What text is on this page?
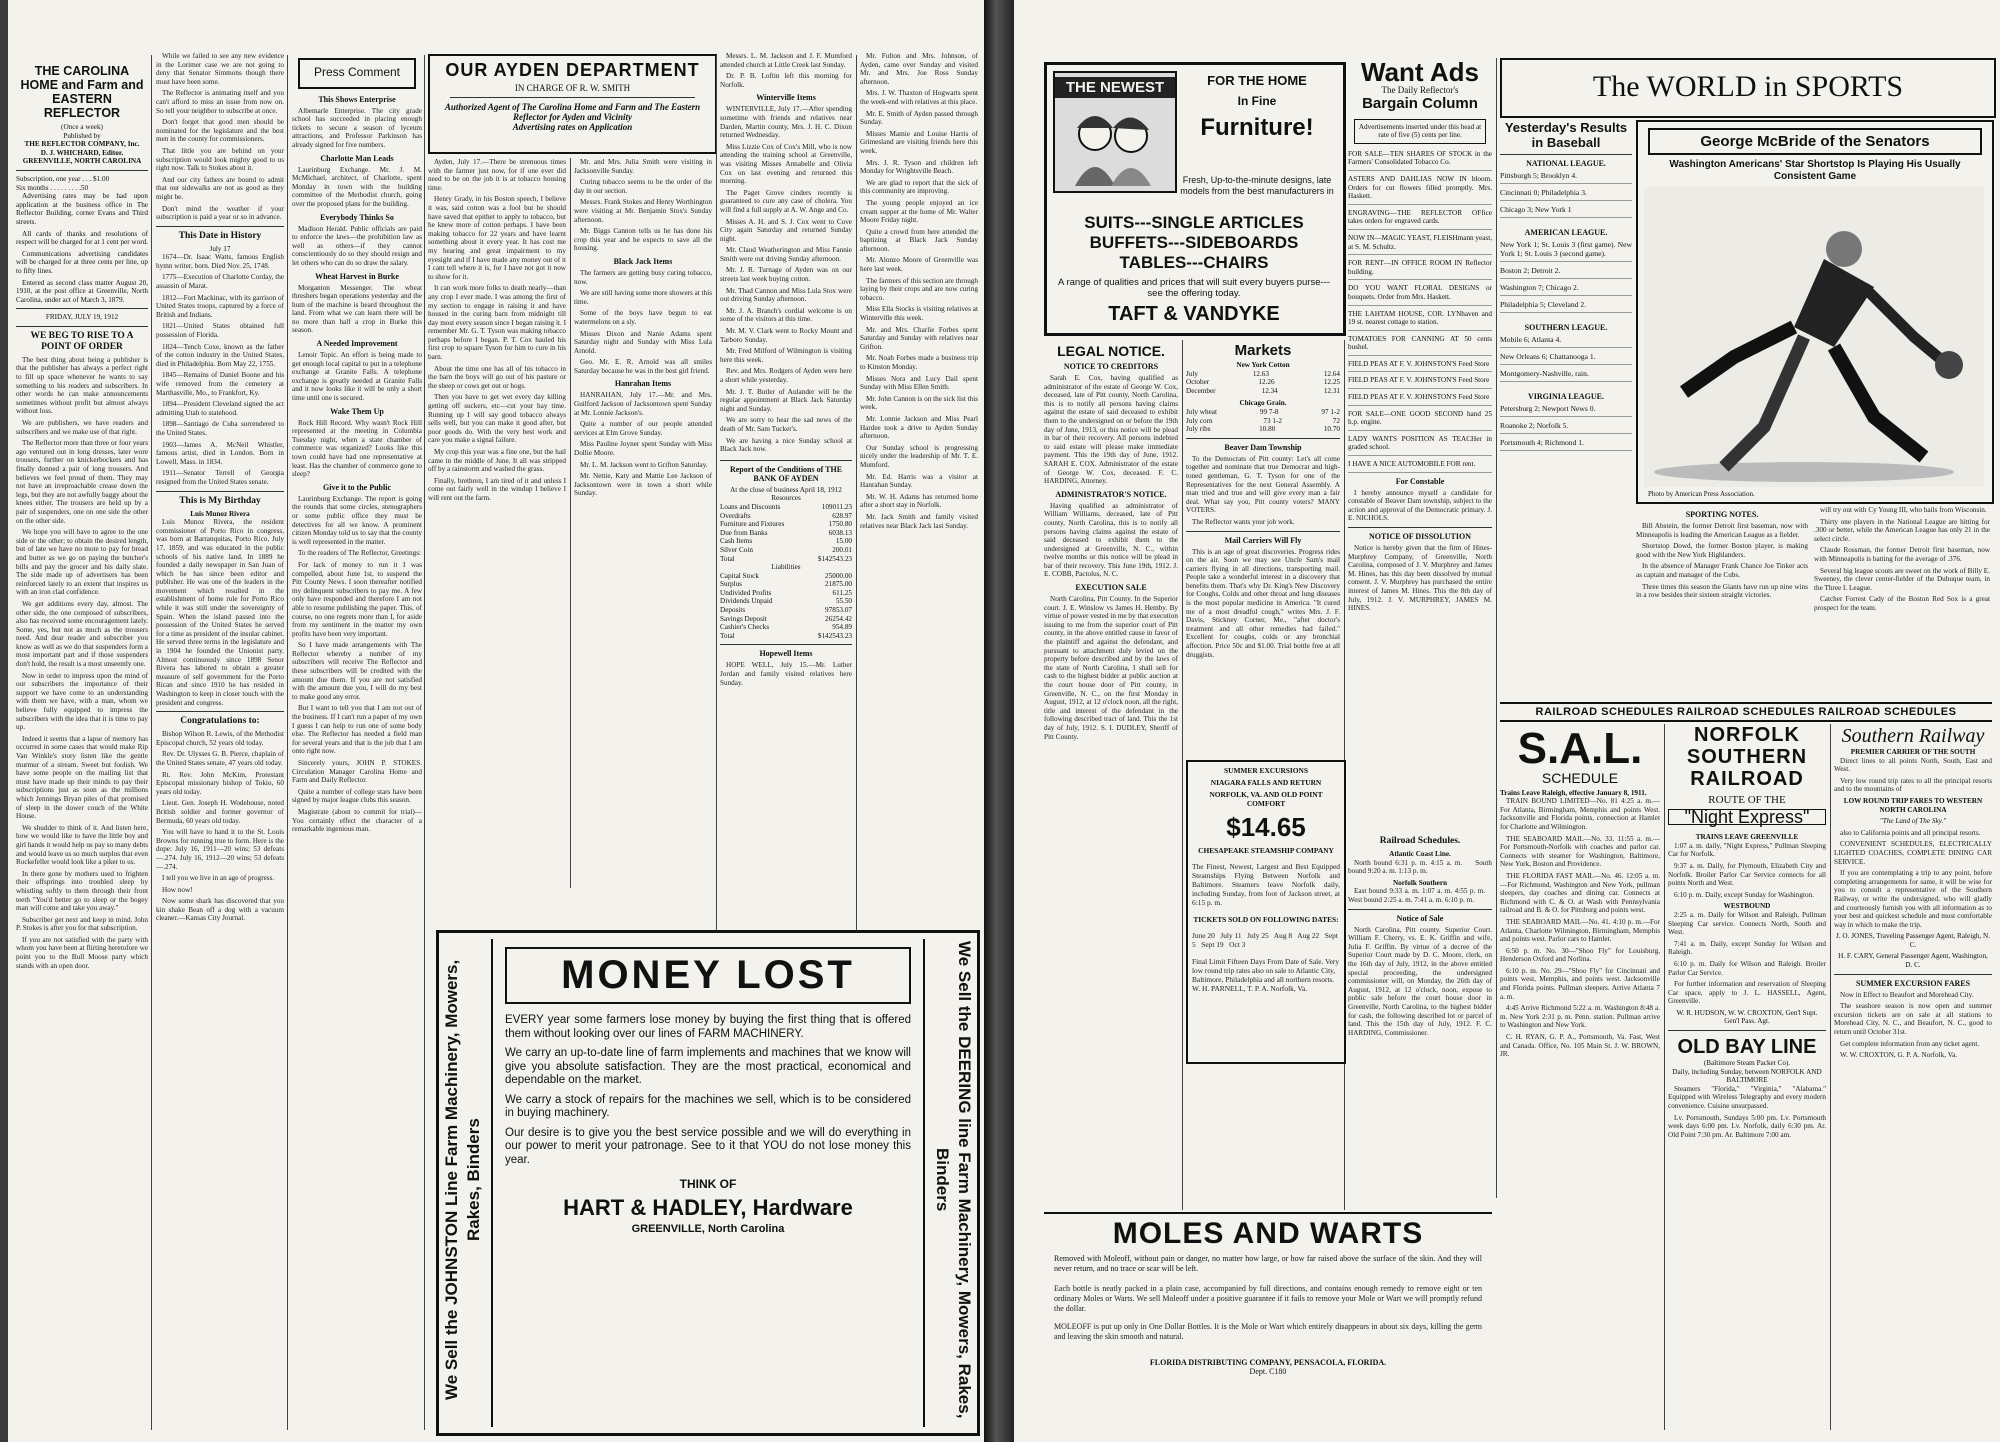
THE CAROLINA HOME and Farm and EASTERN REFLECTOR
(Once a week)
Published by
THE REFLECTOR COMPANY, Inc.
D. J. WHICHARD, Editor.
GREENVILLE, NORTH CAROLINA
Subscription, one year . . . $1.00
Six months . . . . . . . . .50

Advertising rates may be had upon application at the business office in The Reflector Building, corner Evans and Third streets.

All cards of thanks and resolutions of respect will be charged for at 1 cent per word.

Communications advertising candidates will be charged for at three cents per line, up to fifty lines.

Entered as second class matter August 20, 1910, at the post office at Greenville, North Carolina, under act of March 3, 1879.

FRIDAY, JULY 19, 1912
WE BEG TO RISE TO A POINT OF ORDER

The best thing about being a publisher is that the publisher has always a perfect right to fill up space whenever he wants to say something to his readers and subscribers. In other words he can make announcements sometimes without profit but almost always without loss.

We are publishers, we have readers and subscribers and we make use of that right.

The Reflector more than three or four years ago ventured out in long dresses, later wore trousers, further on knickerbockers and has finally donned a pair of long trousers. And believes we feel proud of them. They may not have an irreproachable crease down the legs, but they are not awfully baggy about the knees either. The trousers are held up by a pair of suspenders, one on one side the other on the other side.

We hope you will have to agree to the one side or the other; to obtain the desired length, but of late we have no mote to pay for bread and butter as we go on paying the butcher's bills and pay the grocer and his daily slate. The side made up of advertisers has been reinforced lately to an extent that inspires us with an iron clad confidence.

We get additions every day, almost. The other side, the one composed of subscribers, also has received some encouragement lately. Some, yes, but not as much as the trousers need. And dear reader and subscriber you know as well as we do that suspenders form a most important part and if those suspenders don't hold, the result is a most unseemly one.

Now in order to impress upon the mind of our subscribers the importance of their support we have come to an understanding with them we have, with a man, whom we believe fully equipped to impress the subscribers with the idea that it is time to pay up.

Indeed it seems that a lapse of memory has occurred in some cases that would make Rip Van Winkle's story listen like the gentle murmur of a stream. Sweet but foolish. We have some people on the mailing list that must have made up their minds to pay their subscriptions just as soon as the millions which Jennings Bryan piles of that promised of sleep in the dower couch of the White House.

We shudder to think of it. And listen here, how we would like to have the little boy and girl hands it would help us pay so many debts and would leave us so much surplus that even Rockefeller would look like a piker to us.

In there gone by mothers used to frighten their offsprings into troubled sleep by whistling softly to them through their front teeth "You'd better go to sleep or the bogey man will come and take you away."

Subscriber get next and keep in mind. John P. Stokes is after you for that subscription.

If you are not satisfied with the party with whom you have been at flirting heretofore we point you to the Bull Moose party which stands with an open door.

While we failed to see any new evidence in the Lorimer case we are not going to deny that Senator Simmons though there must have been some.

The Reflector is animating itself and you can't afford to miss an issue from now on. So tell your neighbor to subscribe at once.

Don't forget that good men should be nominated for the legislature and the best men in the county for commissioners.

That little you are behind on your subscription would look mighty good to us right now. Talk to Stokes about it.

And our city fathers are bound to admit that our sidewalks are not as good as they might be.

Don't mind the weather if your subscription is paid a year or so in advance.

This Date in History
July 17

1674—Dr. Isaac Watts, famous English hymn writer, born. Died Nov. 25, 1748.

1775—Execution of Charlotte Corday, the assassin of Marat.

1812—Fort Mackinac, with its garrison of United States troops, captured by a force of British and Indians.

1821—United States obtained full possession of Florida.

1824—Tench Coxe, known as the father of the cotton industry in the United States, died in Philadelphia. Born May 22, 1755.

1845—Remains of Daniel Boone and his wife removed from the cemetery at Marthasville, Mo., to Frankfort, Ky.

1894—President Cleveland signed the act admitting Utah to statehood.

1898—Santiago de Cuba surrendered to the United States.

1903—James A. McNeil Whistler, famous artist, died in London. Born in Lowell, Mass. in 1834.

1911—Senator Terrell of Georgia resigned from the United States senate.

This is My Birthday
Luis Munoz Rivera

Luis Munoz Rivera, the resident commissioner of Porto Rico in congress, was born at Barranquitas, Porto Rico, July 17, 1859, and was educated in the public schools of his native land. In 1889 he founded a daily newspaper in San Juan of which he has since been editor and publisher. He was one of the leaders in the movement which resulted in the establishment of home rule for Porto Rico while it was still under the sovereignty of Spain. When the island passed into the possession of the United States he served for a time as president of the insular cabinet. He served three terms in the legislature and in 1904 he founded the Unionist party. Almost continuously since 1898 Senor Rivera has labored to obtain a greater measure of self government for the Porto Rican and since 1910 he has resided in Washington to keep in closer touch with the president and congress.

Congratulations to:

Bishop Wilson R. Lewis, of the Methodist Episcopal church, 52 years old today.

Rev. Dr. Ulysses G. B. Pierce, chaplain of the United States senate, 47 years old today.

Rt. Rev. John McKim, Protestant Episcopal missionary bishop of Tokio, 60 years old today.

Lieut. Gen. Joseph H. Wodehouse, noted British soldier and former governor of Bermuda, 60 years old today.

You will have to hand it to the St. Louis Browns for running true to form. Here is the dope: July 16, 1911—20 wins; 53 defeats—.274. July 16, 1912—20 wins; 53 defeats—.274.

I tell you we live in an age of progress.

How now!

Now some shark has discovered that you kin shake Bean off a dog with a vacuum cleaner.—Kansas City Journal.

Press Comment
This Shows Enterprise

Albemarle Enterprise. The city grade school has succeeded in placing enough tickets to secure a season of lyceum attractions, and Professor Parkinson has already signed for five numbers.

Charlotte Man Leads

Laurinburg Exchange. Mr. J. M. McMichael, architect, of Charlotte, spent Monday in town with the building committee of the Methodist church, going over the proposed plans for the building.

Everybody Thinks So

Madison Herald. Public officials are paid to enforce the laws—the prohibition law as well as others—if they cannot conscientiously do so they should resign and let others who can do so draw the salary.

Wheat Harvest in Burke

Morganton Messenger. The wheat threshers began operations yesterday and the hum of the machine is heard throughout the land. From what we can learn there will be no more than half a crop in Burke this season.

A Needed Improvement

Lenoir Topic. An effort is being made to get enough local capital to put in a telephone exchange at Granite Falls. A telephone exchange is greatly needed at Granite Falls and it now looks like it will be only a short time until one is secured.

Wake Them Up

Rock Hill Record. Why wasn't Rock Hill represented at the meeting in Columbia Tuesday night, when a state chamber of commerce was organized? Looks like this town could have had one representative at least. Has the chamber of commerce gone to sleep?

Give it to the Public

Laurinburg Exchange. The report is going the rounds that some circles, stenographers or some public office they must be detectives for all we know. A prominent citizen Monday told us to say that the county is well represented in the matter.

To the readers of The Reflector, Greetings:

For lack of money to run it I was compelled, about June 1st, to suspend the Pitt County News. I soon thereafter notified my delinquent subscribers to pay me. A few only have responded and therefore I am not able to resume publishing the paper. This, of course, no one regrets more than I, for aside from my sentiment in the matter my own profits have been very important.

So I have made arrangements with The Reflector whereby a number of my subscribers will receive The Reflector and these subscribers will be credited with the amount due them. If you are not satisfied with the amount due you, I will do my best to make good any error.

But I want to tell you that I am not out of the business. If I can't run a paper of my own I guess I can help to run one of some body else. The Reflector has needed a field man for several years and that is the job that I am onto right now.

Sincerely yours, JOHN P. STOKES. Circulation Manager Carolina Home and Farm and Daily Reflector.

Quite a number of college stars have been signed by major league clubs this season.

Magistrate (about to commit for trial)—You certainly effect the character of a remarkable ingenious man.

OUR AYDEN DEPARTMENT
IN CHARGE OF R. W. SMITH
Authorized Agent of The Carolina Home and Farm and The Eastern Reflector for Ayden and Vicinity
Advertising rates on Application

Ayden, July 17.—There be strenuous times with the farmer just now, for if one ever did need to be on the job it is at tobacco housing time.

Henry Grady, in his Boston speech, I believe it was, said cotton was a fool but he should have saved that epithet to apply to tobacco, but he knew more of cotton perhaps. I have been making tobacco for 22 years and have learnt something about it every year. It has cost me my hearing and great impairment to my eyesight and if I have made any money out of it I cant tell where it is, for I have not got it now to show for it.

It can work more folks to death nearly—than any crop I ever made. I was among the first of my section to engage in raising it and have housed in the curing barn from midnight till day most every season since I began raising it. I remember Mr. G. T. Tyson was making tobacco perhaps before I began. P. T. Cox hauled his first crop to square Tyson for him to cure in his barn.

About the time one has all of his tobacco in the barn the boys will go out of his pasture or the sheep or cows get out or hogs.

Then you have to get wet every day killing getting off suckers, etc—cut your hay time. Running up I will say good tobacco always sells well, but you can make it good after, but poor goods do. With the very best work and care you make a signal failure.

My crop this year was a fine one, but the hail came in the middle of June. It all was stripped off by a rainstorm and washed the grass.

Finally, brethren, I am tired of it and unless I come out fairly well in the windup I believe I will rent out the farm.

Mr. and Mrs. Julia Smith were visiting in Jacksonville Sunday.

Curing tobacco seems to be the order of the day in our section.

Messrs. Frank Stokes and Henry Worthington were visiting at Mr. Benjamin Stox's Sunday afternoon.

Mr. Biggs Cannon tells us he has done his crop this year and he expects to save all the housing.

Black Jack Items

The farmers are getting busy curing tobacco, now.

We are still having some more showers at this time.

Some of the boys have begun to eat watermelons on a sly.

Misses Dixon and Nanie Adams spent Saturday night and Sunday with Miss Lula Arnold.

Geo. Mr. E. R. Arnold was all smiles Saturday because he was in the best girl friend.

Hanrahan Items

HANRAHAN, July 17.—Mr. and Mrs. Guilford Jackson of Jacksontown spent Sunday at Mr. Lonnie Jackson's.

Quite a number of our people attended services at Elm Grove Sunday.

Miss Pauline Joyner spent Sunday with Miss Dollie Moore.

Mr. L. M. Jackson went to Grifton Saturday.

Mr. Nettie, Katy and Mattie Lee Jackson of Jacksontown were in town a short while Sunday.

Messrs. L. M. Jackson and J. F. Mumford attended church at Little Creek last Sunday.

Dr. P. B. Loftin left this morning for Norfolk.

Winterville Items

WINTERVILLE, July 17.—After spending sometime with friends and relatives near Darden, Martin county, Mrs. J. H. C. Dixon returned Wednesday.

Miss Lizzie Cox of Cox's Mill, who is now attending the training school at Greenville, was visiting Misses Annabelle and Olivia Cox on last evening and returned this morning.

The Paget Grove cinders recently is guaranteed to cure any case of cholera. You will find a full supply at A. W. Ange and Co.

Misses A. H. and S. J. Cox went to Cove City again Saturday and returned Sunday night.

Mr. Claud Weatherington and Miss Fannie Smith were out driving Sunday afternoon.

Mr. J. R. Turnage of Ayden was on our streets last week buying cotton.

Mr. Thad Cannon and Miss Lula Stox were out driving Sunday afternoon.

Mr. J. A. Branch's cordial welcome is on some of the visitors at this time.

Mr. M. V. Clark went to Rocky Mount and Tarboro Sunday.

Mr. Fred Milford of Wilmington is visiting here this week.

Rev. and Mrs. Rodgers of Ayden were here a short while yesterday.

Mr. J. T. Butler of Aulander will be the regular appointment at Black Jack Saturday night and Sunday.

We are sorry to hear the sad news of the death of Mr. Sam Tucker's.

We are having a nice Sunday school at Black Jack now.

Report of the Conditions of THE BANK OF AYDEN
At the close of business April 18, 1912
Resources
Loans and Discounts	109011.23
Overdrafts	628.97
Furniture and Fixtures	1750.80
Due from Banks	6038.13
Cash Items	15.00
Silver Coin	200.01
Total	$142543.23
Liabilities
Capital Stock	25000.00
Surplus	21875.00
Undivided Profits	611.25
Dividends Unpaid	55.50
Deposits	97853.07
Savings Deposit	26254.42
Cashier's Checks	954.89
Total	$142543.23
Hopewell Items

HOPE WELL, July 15.—Mr. Luther Jordan and family visited relatives here Sunday.

Mr. Fulton and Mrs. Johnson, of Ayden, came over Sunday and visited Mr. and Mrs. Joe Ross Sunday afternoon.

Mrs. J. W. Thaxton of Hogwarts spent the week-end with relatives at this place.

Mr. E. Smith of Ayden passed through Sunday.

Misses Mamie and Louise Harris of Grimesland are visiting friends here this week.

Mrs. J. R. Tyson and children left Monday for Wrightsville Beach.

We are glad to report that the sick of this community are improving.

The young people enjoyed an ice cream supper at the home of Mr. Walter Moore Friday night.

Quite a crowd from here attended the baptizing at Black Jack Sunday afternoon.

Mr. Alonzo Moore of Greenville was here last week.

The farmers of this section are through laying by their crops and are now curing tobacco.

Miss Ella Stocks is visiting relatives at Winterville this week.

Mr. and Mrs. Charlie Forbes spent Saturday and Sunday with relatives near Grifton.

Mr. Noah Forbes made a business trip to Kinston Monday.

Misses Nora and Lucy Dail spent Sunday with Miss Ellen Smith.

Mr. John Cannon is on the sick list this week.

Mr. Lonnie Jackson and Miss Pearl Hardee took a drive to Ayden Sunday afternoon.

Our Sunday school is progressing nicely under the leadership of Mr. T. E. Mumford.

Mr. Ed. Harris was a visitor at Hanrahan Sunday.

Mr. W. H. Adams has returned home after a short stay in Norfolk.

Mr. Jack Smith and family visited relatives near Black Jack last Sunday.

We Sell the JOHNSTON Line Farm Machinery, Mowers, Rakes, Binders	We Sell the DEERING line Farm Machinery, Mowers, Rakes, Binders
MONEY LOST
EVERY year some farmers lose money by buying the first thing that is offered them without looking over our lines of FARM MACHINERY.
We carry an up-to-date line of farm implements and machines that we know will give you absolute satisfaction. They are the most practical, economical and dependable on the market.
We carry a stock of repairs for the machines we sell, which is to be considered in buying machinery.
Our desire is to give you the best service possible and we will do everything in our power to merit your patronage. See to it that YOU do not lose money this year.
THINK OF
HART & HADLEY, Hardware
GREENVILLE, North Carolina
THE NEWEST	FOR THE HOME
In Fine
Furniture!
Fresh, Up-to-the-minute designs, late models from the best manufacturers in
SUITS---SINGLE ARTICLES
BUFFETS---SIDEBOARDS
TABLES---CHAIRS
A range of qualities and prices that will suit every buyers purse---see the offering today.
TAFT & VANDYKE
Want Ads
The Daily Reflector's
Bargain Column
Advertisements inserted under this head at rate of five (5) cents per line.
FOR SALE—TEN SHARES OF STOCK in the Farmers' Consolidated Tobacco Co.
ASTERS AND DAHLIAS NOW IN bloom. Orders for cut flowers filled promptly. Mrs. Haskett.
ENGRAVING—THE REFLECTOR OFfice takes orders for engraved cards.
NOW IN—MAGIC YEAST, FLEISHmann yeast, at S. M. Schultz.
FOR RENT—IN OFFICE ROOM IN Reflector building.
DO YOU WANT FLORAL DESIGNS or bouquets. Order from Mrs. Haskett.
THE LAHTAM HOUSE, COR. LYNhaven and 19 st. nearest cottage to station.
TOMATOES FOR CANNING AT 50 cents bushel.
FIELD PEAS AT F. V. JOHNSTON'S Feed Store
FIELD PEAS AT F. V. JOHNSTON'S Feed Store
FIELD PEAS AT F. V. JOHNSTON'S Feed Store
FOR SALE—ONE GOOD SECOND hand 25 h.p. engine.
LADY WANTS POSITION AS TEACHer in graded school.
I HAVE A NICE AUTOMOBILE FOR rent.
For Constable

I hereby announce myself a candidate for constable of Beaver Dam township, subject to the action and approval of the Democratic primary. J. E. NICHOLS.

NOTICE OF DISSOLUTION

Notice is hereby given that the firm of Hines-Murphrey Company, of Greenville, North Carolina, composed of J. V. Murphrey and James M. Hines, has this day been dissolved by mutual consent. J. V. Murphrey has purchased the entire interest of James M. Hines. This the 8th day of July, 1912. J. V. MURPHREY, JAMES M. HINES.

The WORLD in SPORTS
Yesterday's Results in Baseball
NATIONAL LEAGUE.
Pittsburgh 5; Brooklyn 4.
Cincinnati 0; Philadelphia 3.
Chicago 3; New York 1
AMERICAN LEAGUE.
New York 1; St. Louis 3 (first game). New York 1; St. Louis 3 (second game).
Boston 2; Detroit 2.
Washington 7; Chicago 2.
Philadelphia 5; Cleveland 2.
SOUTHERN LEAGUE.
Mobile 6; Atlanta 4.
New Orleans 6; Chattanooga 1.
Montgomery-Nashville, rain.
VIRGINIA LEAGUE.
Petersburg 2; Newport News 0.
Roanoke 2; Norfolk 5.
Portsmouth 4; Richmond 1.
George McBride of the Senators
Washington Americans' Star Shortstop Is Playing His Usually Consistent Game
Photo by American Press Association.
SPORTING NOTES.

Bill Abstein, the former Detroit first baseman, now with Minneapolis is leading the American League as a fielder.

Shortstop Dowd, the former Boston player, is making good with the New York Highlanders.

In the absence of Manager Frank Chance Joe Tinker acts as captain and manager of the Cubs.

Three times this season the Giants have run up nine wins in a row besides their sixteen straight victories.

will try out with Cy Young III, who hails from Wisconsin.

Thirty one players in the National League are hitting for .300 or better, while the American League has only 21 in the select circle.

Claude Rossman, the former Detroit first baseman, now with Minneapolis is batting for the average of .376.

Several big league scouts are sweet on the work of Billy E. Sweeney, the clever center-fielder of the Dubuque team, in the Three I. League.

Catcher Forrest Cady of the Boston Red Sox is a great prospect for the team.

RAILROAD SCHEDULES RAILROAD SCHEDULES RAILROAD SCHEDULES
S.A.L.
SCHEDULE
Trains Leave Raleigh, effective January 8, 1911.

TRAIN BOUND LIMITED—No. 81 4:25 a. m.—For Atlanta, Birmingham, Memphis and points West. Jacksonville and Florida points, connection at Hamlet for Charlotte and Wilmington.

THE SEABOARD MAIL—No. 33. 11:55 a. m.—For Portsmouth-Norfolk with coaches and parlor car. Connects with steamer for Washington, Baltimore, New York, Boston and Providence.

THE FLORIDA FAST MAIL—No. 46. 12:05 a. m.—For Richmond, Washington and New York, pullman sleepers, day coaches and dining car. Connects at Richmond with C. & O. at Wash with Pennsylvania railroad and B. & O. for Pittsburg and points west.

THE SEABOARD MAIL—No. 41. 4:10 p. m.—For Atlanta, Charlotte Wilmington, Birmingham, Memphis and points west. Parlor cars to Hamlet.

6:50 p. m. No. 30—"Shoo Fly" for Louisburg, Henderson Oxford and Norlina.

6:10 p. m. No. 29—"Shoo Fly" for Cincinnati and points west, Memphis, and points west. Jacksonville and Florida points. Pullman sleepers. Arrive Atlanta 7 a. m.

4:45 Arrive Richmond 5:22 a. m. Washington 8:48 a. m. New York 2:31 p. m. Penn. station. Pullman arrive to Washington and New York.

C. H. RYAN, G. P. A., Portsmouth, Va. Fast, West and Canada. Office, No. 105 Main St. J. W. BROWN, JR.

NORFOLK SOUTHERN RAILROAD
ROUTE OF THE
"Night Express"
TRAINS LEAVE GREENVILLE

1:07 a. m. daily, "Night Express," Pullman Sleeping Car for Norfolk.

9:37 a. m. Daily, for Plymouth, Elizabeth City and Norfolk. Broiler Parlor Car Service connects for all points North and West.

6:10 p. m. Daily, except Sunday for Washington.

WESTBOUND

2:25 a. m. Daily for Wilson and Raleigh, Pullman Sleeping Car service. Connects North, South and West.

7:41 a. m. Daily, except Sunday for Wilson and Raleigh.

6:10 p. m. Daily for Wilson and Raleigh. Broiler Parlor Car Service.

For further information and reservation of Sleeping Car space, apply to J. L. HASSELL, Agent, Greenville.

W. R. HUDSON, W. W. CROXTON, Gen'l Supt. Gen'l Pass. Agt.
OLD BAY LINE
(Baltimore Steam Packet Co).
Daily, including Sunday, between NORFOLK AND BALTIMORE

Steamers "Florida," "Virginia," "Alabama." Equipped with Wireless Telegraphy and every modern convenience. Cuisine unsurpassed.

Lv. Portsmouth, Sundays 5:00 pm. Lv. Portsmouth week days 6:00 pm. Lv. Norfolk, daily 6:30 pm. Ar. Old Point 7:30 pm. Ar. Baltimore 7:00 am.

Southern Railway
PREMIER CARRIER OF THE SOUTH

Direct lines to all points North, South, East and West.

Very low round trip rates to all the principal resorts and to the mountains of

LOW ROUND TRIP FARES TO WESTERN NORTH CAROLINA
"The Land of The Sky."

also to California points and all principal resorts.

CONVENIENT SCHEDULES, ELECTRICALLY LIGHTED COACHES, COMPLETE DINING CAR SERVICE.

If you are contemplating a trip to any point, before completing arrangements for same, it will be wise for you to consult a representative of the Southern Railway, or write the undersigned, who will gladly and courteously furnish you with all information as to your best and quickest schedule and most comfortable way in which to make the trip.

J. O. JONES, Traveling Passenger Agent, Raleigh, N. C.
H. F. CARY, General Passenger Agent, Washington, D. C.
SUMMER EXCURSION FARES

Now in Effect to Beaufort and Morehead City.

The seashore season is now open and summer excursion tickets are on sale at all stations to Morehead City, N. C., and Beaufort, N. C., good to return until October 31st.

Get complete information from any ticket agent.

W. W. CROXTON, G. P. A. Norfolk, Va.

LEGAL NOTICE.
NOTICE TO CREDITORS

Sarah E. Cox, having qualified as administrator of the estate of George W. Cox, deceased, late of Pitt county, North Carolina, this is to notify all persons having claims against the estate of said deceased to exhibit them to the undersigned on or before the 19th day of June, 1913, or this notice will be plead in bar of their recovery. All persons indebted to said estate will please make immediate payment. This the 19th day of June, 1912. SARAH E. COX. Administrator of the estate of George W. Cox, deceased. F. C. HARDING, Attorney.

ADMINISTRATOR'S NOTICE.

Having qualified as administrator of William Williams, deceased, late of Pitt county, North Carolina, this is to notify all persons having claims against the estate of said deceased to exhibit them to the undersigned at Greenville, N. C., within twelve months or this notice will be plead in bar of their recovery. This June 19th, 1912. J. E. COBB, Pactolus, N. C.

EXECUTION SALE

North Carolina, Pitt County. In the Superior court. J. E. Winslow vs James H. Hemby. By virtue of power vested in me by that execution issuing to me from the superior court of Pitt county, in the above entitled cause in favor of the plaintiff and against the defendant, and pursuant to attachment duly levied on the property before described and by the laws of the state of North Carolina, I shall sell for cash to the highest bidder at public auction at the court house door of Pitt county, in Greenville, N. C., on the first Monday in August, 1912, at 12 o'clock noon, all the right, title and interest of the defendant in the following described tract of land. This the 1st day of July, 1912. S. I. DUDLEY, Sheriff of Pitt County.

Markets
New York Cotton
July	12.63	12.64
October	12.26	12.25
December	12.34	12.31
Chicago Grain.
July wheat	99 7-8	97 1-2
July corn	73 1-2	72
July ribs	10.80	10.70
Beaver Dam Township

To the Democrats of Pitt county: Let's all come together and nominate that true Democrat and high-toned gentleman, G. T. Tyson for one of the Representatives for the next General Assembly. A man tried and true and will give every man a fair deal. What say you, Pitt county voters? MANY VOTERS.

The Reflector wants your job work.

Mail Carriers Will Fly

This is an age of great discoveries. Progress rides on the air. Soon we may see Uncle Sam's mail carriers flying in all directions, transporting mail. People take a wonderful interest in a discovery that benefits them. That's why Dr. King's New Discovery for Coughs, Colds and other throat and lung diseases is the most popular medicine in America. "It cured me of a most dreadful cough," writes Mrs. J. F. Davis, Stickney Corner, Me., "after doctor's treatment and all other remedies had failed." Excellent for coughs, colds or any bronchial affection. Price 50c and $1.00. Trial bottle free at all druggists.

SUMMER EXCURSIONS
NIAGARA FALLS AND RETURN
NORFOLK, VA. AND OLD POINT COMFORT
$14.65
CHESAPEAKE STEAMSHIP COMPANY

The Finest, Newest, Largest and Best Equipped Steamships Flying Between Norfolk and Baltimore. Steamers leave Norfolk daily, including Sunday, from foot of Jackson street, at 6:15 p. m.

TICKETS SOLD ON FOLLOWING DATES:

June 20   July 11   July 25   Aug 8   Aug 22   Sept 5   Sept 19   Oct 3

Final Limit Fifteen Days From Date of Sale. Very low round trip rates also on sale to Atlantic City, Baltimore, Philadelphia and all northern resorts. W. H. PARNELL, T. P. A. Norfolk, Va.

Railroad Schedules.
Atlantic Coast Line.

North bound 6:31 p. m. 4:15 a. m.    South bound 9:20 a. m. 1:13 p. m.

Norfolk Southern

East bound 9:33 a. m. 1:07 a. m. 4:55 p. m.    West bound 2:25 a. m. 7:41 a. m. 6:10 p. m.

Notice of Sale

North Carolina, Pitt county. Superior Court. William F. Cherry, vs. E. K. Griffin and wife, Julia F. Griffin. By virtue of a decree of the Superior Court made by D. C. Moore, clerk, on the 16th day of July, 1912, in the above entitled special proceeding, the undersigned commissioner will, on Monday, the 26th day of August, 1912, at 12 o'clock, noon, expose to public sale before the court house door in Greenville, North Carolina, to the highest bidder for cash, the following described lot or parcel of land. This the 15th day of July, 1912. F. C. HARDING, Commissioner.

MOLES AND WARTS
Removed with Moleoff, without pain or danger, no matter how large, or how far raised above the surface of the skin. And they will never return, and no trace or scar will be left.

Each bottle is neatly packed in a plain case, accompanied by full directions, and contains enough remedy to remove eight or ten ordinary Moles or Warts. We sell Moleoff under a positive guarantee if it fails to remove your Mole or Wart we will promptly refund the dollar.

MOLEOFF is put up only in One Dollar Bottles. It is the Mole or Wart which entirely disappears in about six days, killing the germ and leaving the skin smooth and natural.

FLORIDA DISTRIBUTING COMPANY, PENSACOLA, FLORIDA.
Dept. C180
